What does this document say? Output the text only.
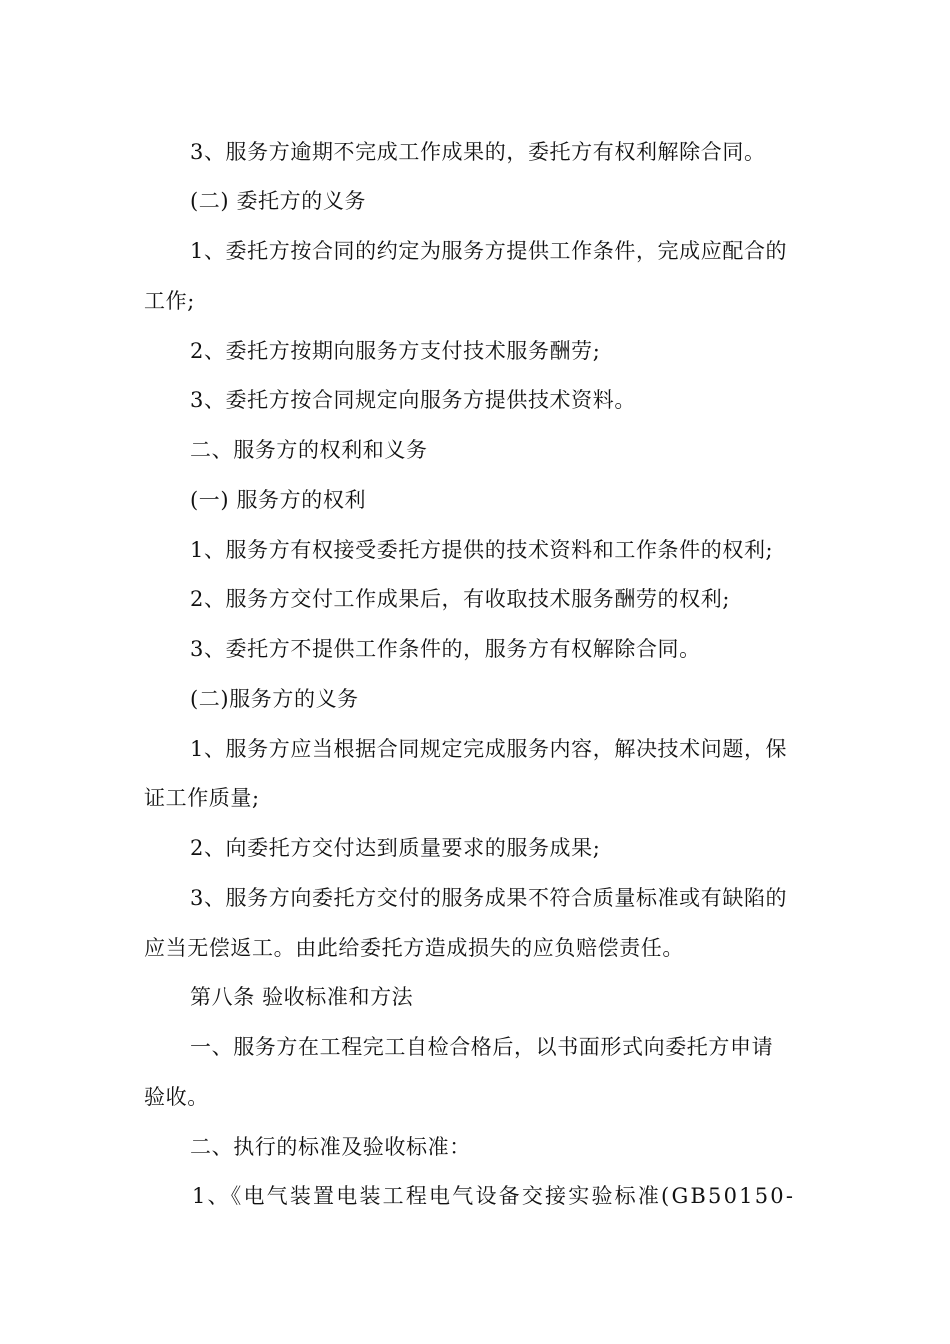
3、服务方逾期不完成工作成果的，委托方有权利解除合同。
(二) 委托方的义务
1、委托方按合同的约定为服务方提供工作条件，完成应配合的
工作;
2、委托方按期向服务方支付技术服务酬劳;
3、委托方按合同规定向服务方提供技术资料。
二、服务方的权利和义务
(一) 服务方的权利
1、服务方有权接受委托方提供的技术资料和工作条件的权利;
2、服务方交付工作成果后，有收取技术服务酬劳的权利;
3、委托方不提供工作条件的，服务方有权解除合同。
(二)服务方的义务
1、服务方应当根据合同规定完成服务内容，解决技术问题，保
证工作质量;
2、向委托方交付达到质量要求的服务成果;
3、服务方向委托方交付的服务成果不符合质量标准或有缺陷的
应当无偿返工。由此给委托方造成损失的应负赔偿责任。
第八条 验收标准和方法
一、服务方在工程完工自检合格后，以书面形式向委托方申请
验收。
二、执行的标准及验收标准：
1、《电气装置电装工程电气设备交接实验标准(GB50150-
